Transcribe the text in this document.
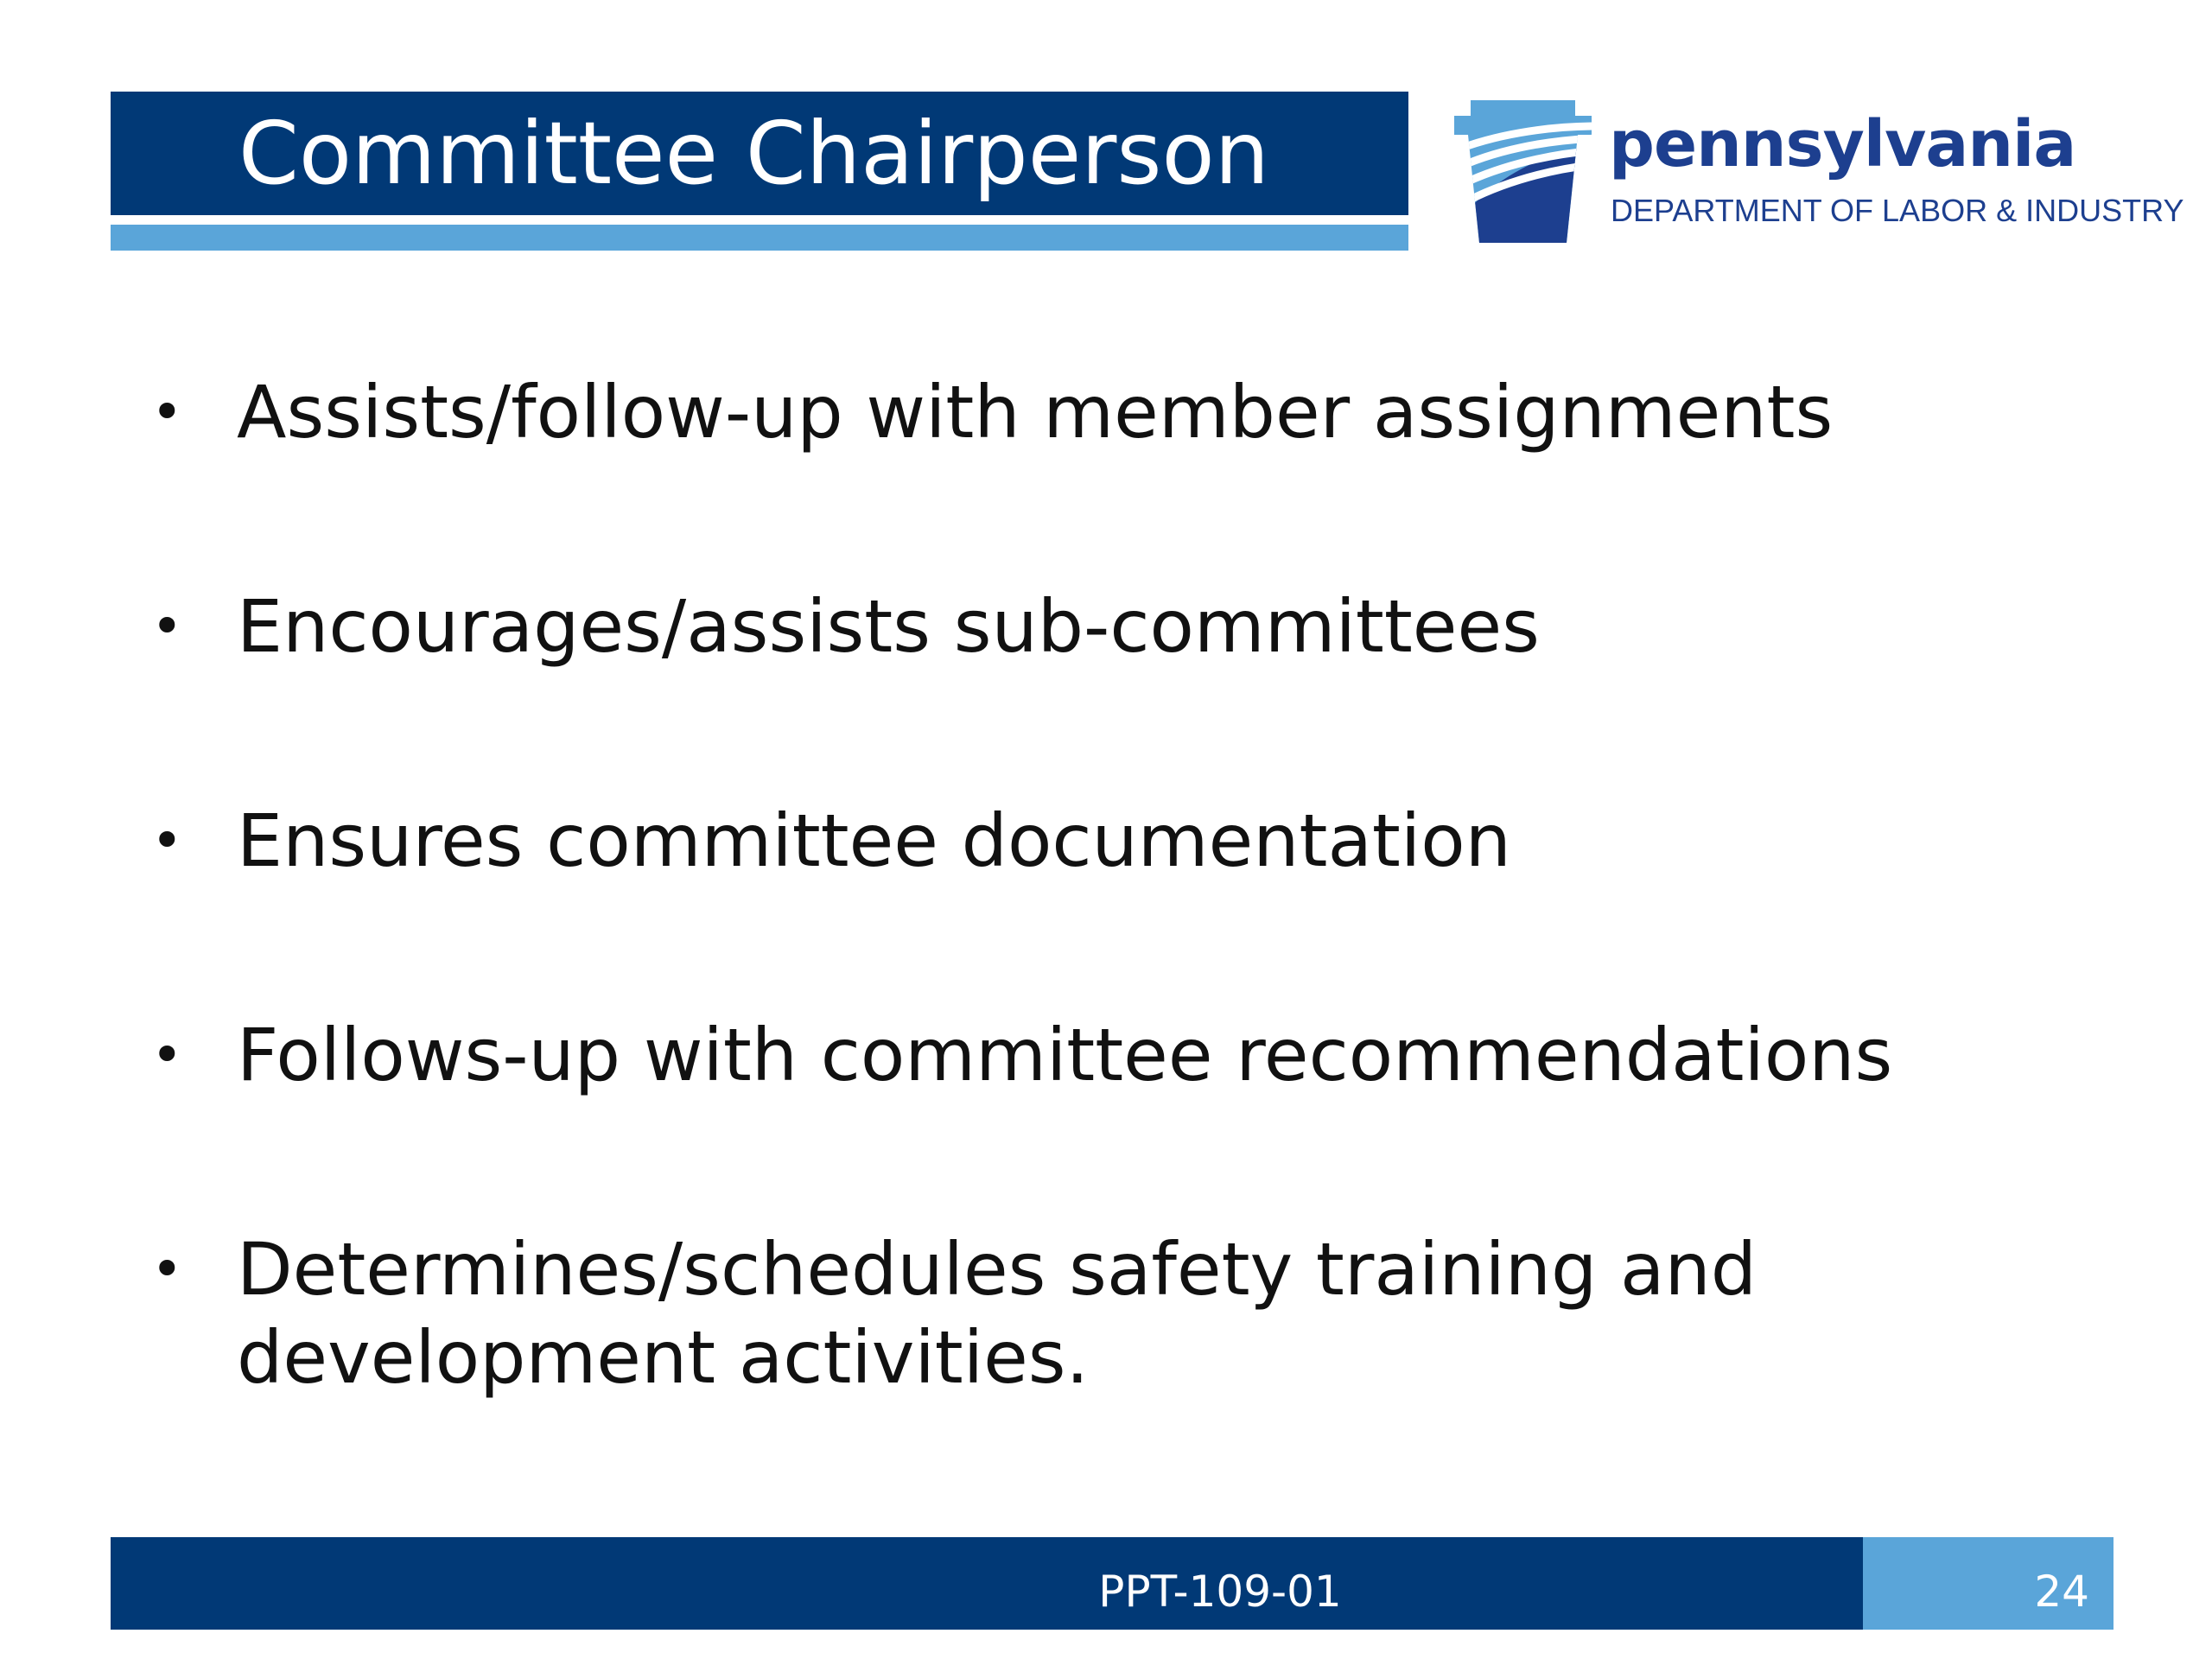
Committee Chairperson	pennsylvania
DEPARTMENT OF LABOR & INDUSTRY
• Assists/follow-up with member assignments
• Encourages/assists sub-committees
• Ensures committee documentation
• Follows-up with committee recommendations
• Determines/schedules safety training and development activities.
PPT-109-01	24
